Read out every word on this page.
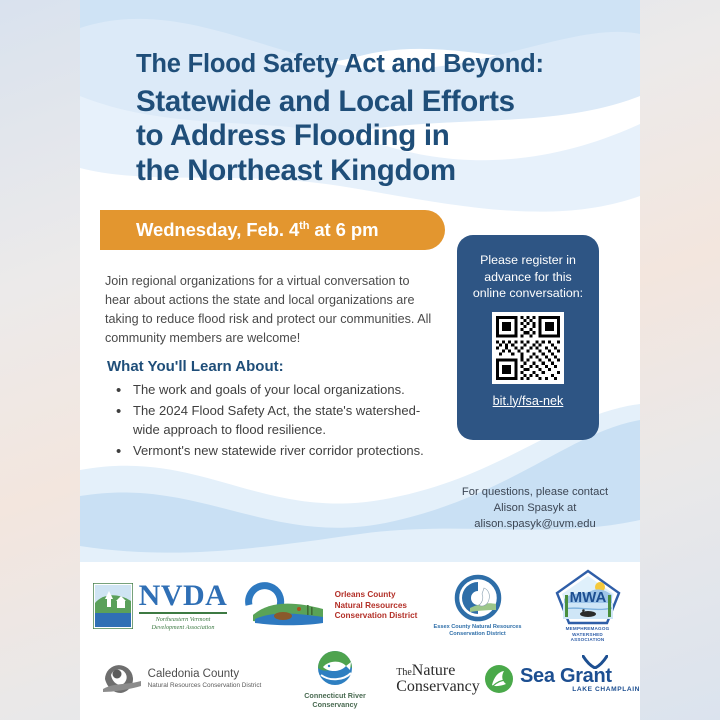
The Flood Safety Act and Beyond:
Statewide and Local Efforts
to Address Flooding in
the Northeast Kingdom
Wednesday, Feb. 4th at 6 pm
Join regional organizations for a virtual conversation to hear about actions the state and local organizations are taking to reduce flood risk and protect our communities. All community members are welcome!
What You'll Learn About:
• The work and goals of your local organizations.
• The 2024 Flood Safety Act, the state's watershed-wide approach to flood resilience.
• Vermont's new statewide river corridor protections.
Please register in advance for this online conversation:
bit.ly/fsa-nek
For questions, please contact
Alison Spasyk at
alison.spasyk@uvm.edu
NVDA
Northeastern Vermont
Development Association
Orleans County
Natural Resources
Conservation District
Essex County Natural Resources
Conservation District
MWA
MEMPHREMAGOG
WATERSHED
ASSOCIATION
Caledonia County
Natural Resources Conservation District
Connecticut River
Conservancy
TheNature
Conservancy
Sea Grant
LAKE CHAMPLAIN
